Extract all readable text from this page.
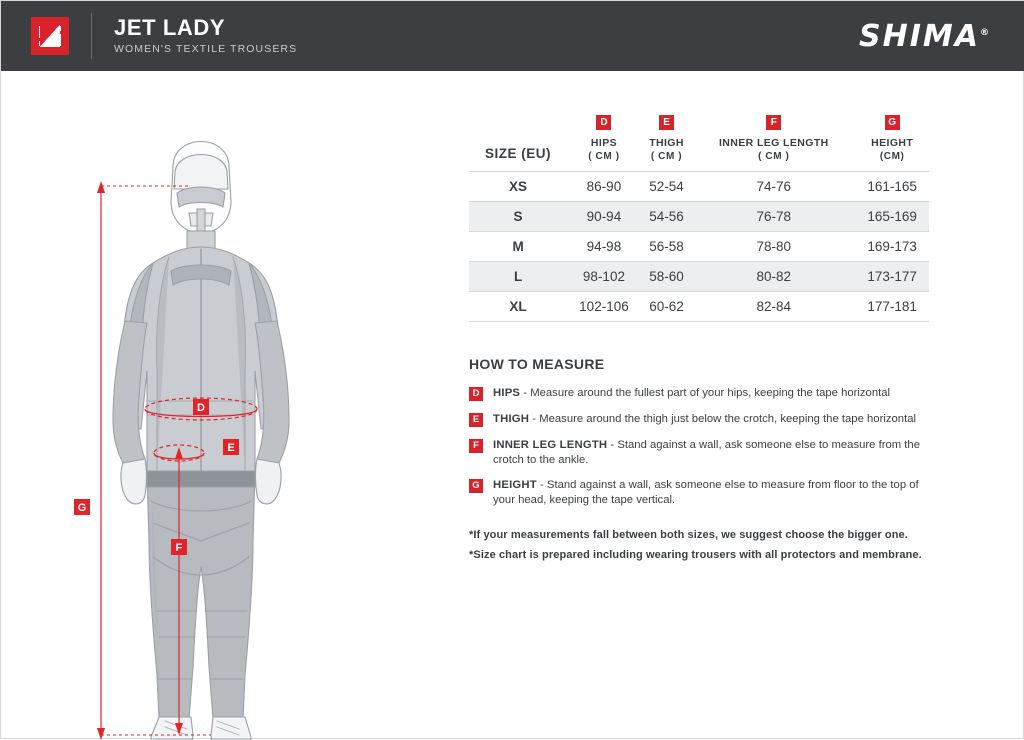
JET LADY
WOMEN'S TEXTILE TROUSERS	SHIMA®
G
D
E
F
SIZE (EU)	D
HIPS
( CM )
	E
THIGH
( CM )
	F
INNER LEG LENGTH
( CM )
	G
HEIGHT
(CM)

XS	86-90	52-54	74-76	161-165
S	90-94	54-56	76-78	165-169
M	94-98	56-58	78-80	169-173
L	98-102	58-60	80-82	173-177
XL	102-106	60-62	82-84	177-181
HOW TO MEASURE
D	HIPS - Measure around the fullest part of your hips, keeping the tape horizontal
E	THIGH - Measure around the thigh just below the crotch, keeping the tape horizontal
F	INNER LEG LENGTH - Stand against a wall, ask someone else to measure from the crotch to the ankle.
G HEIGHT - Stand against a wall, ask someone else to measure from floor to the top of your head, keeping the tape vertical.
*If your measurements fall between both sizes, we suggest choose the bigger one.
*Size chart is prepared including wearing trousers with all protectors and membrane.
